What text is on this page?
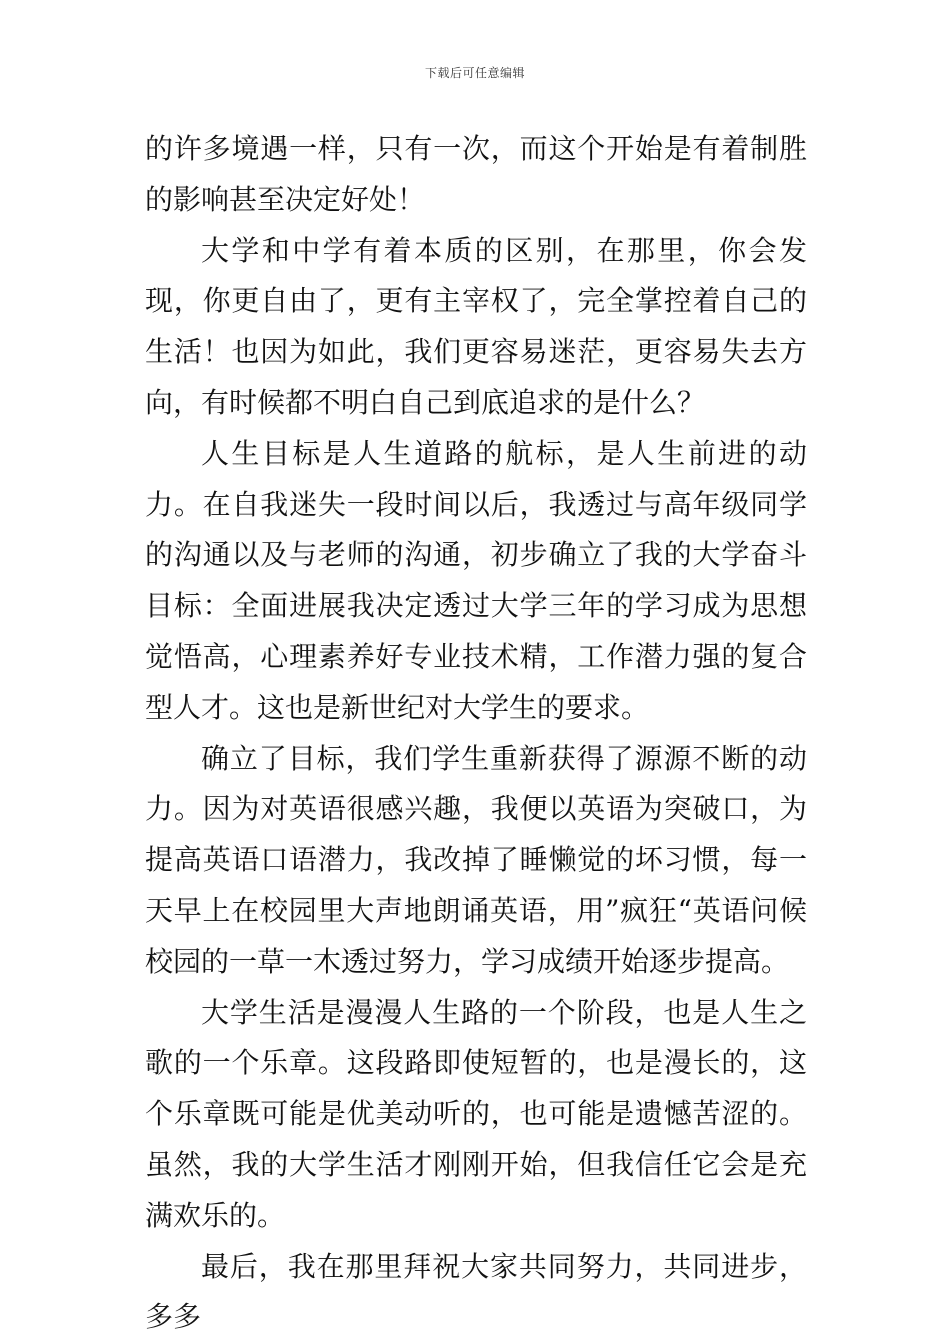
下载后可任意编辑

的许多境遇一样，只有一次，而这个开始是有着制胜的影响甚至决定好处！

大学和中学有着本质的区别，在那里，你会发现，你更自由了，更有主宰权了，完全掌控着自己的生活！也因为如此，我们更容易迷茫，更容易失去方向，有时候都不明白自己到底追求的是什么？

人生目标是人生道路的航标，是人生前进的动力。在自我迷失一段时间以后，我透过与高年级同学的沟通以及与老师的沟通，初步确立了我的大学奋斗目标：全面进展我决定透过大学三年的学习成为思想觉悟高，心理素养好专业技术精，工作潜力强的复合型人才。这也是新世纪对大学生的要求。

确立了目标，我们学生重新获得了源源不断的动力。因为对英语很感兴趣，我便以英语为突破口，为提高英语口语潜力，我改掉了睡懒觉的坏习惯，每一天早上在校园里大声地朗诵英语，用”疯狂“英语问候校园的一草一木透过努力，学习成绩开始逐步提高。

大学生活是漫漫人生路的一个阶段，也是人生之歌的一个乐章。这段路即使短暂的，也是漫长的，这个乐章既可能是优美动听的，也可能是遗憾苦涩的。虽然，我的大学生活才刚刚开始，但我信任它会是充满欢乐的。

最后，我在那里拜祝大家共同努力，共同进步，多多
